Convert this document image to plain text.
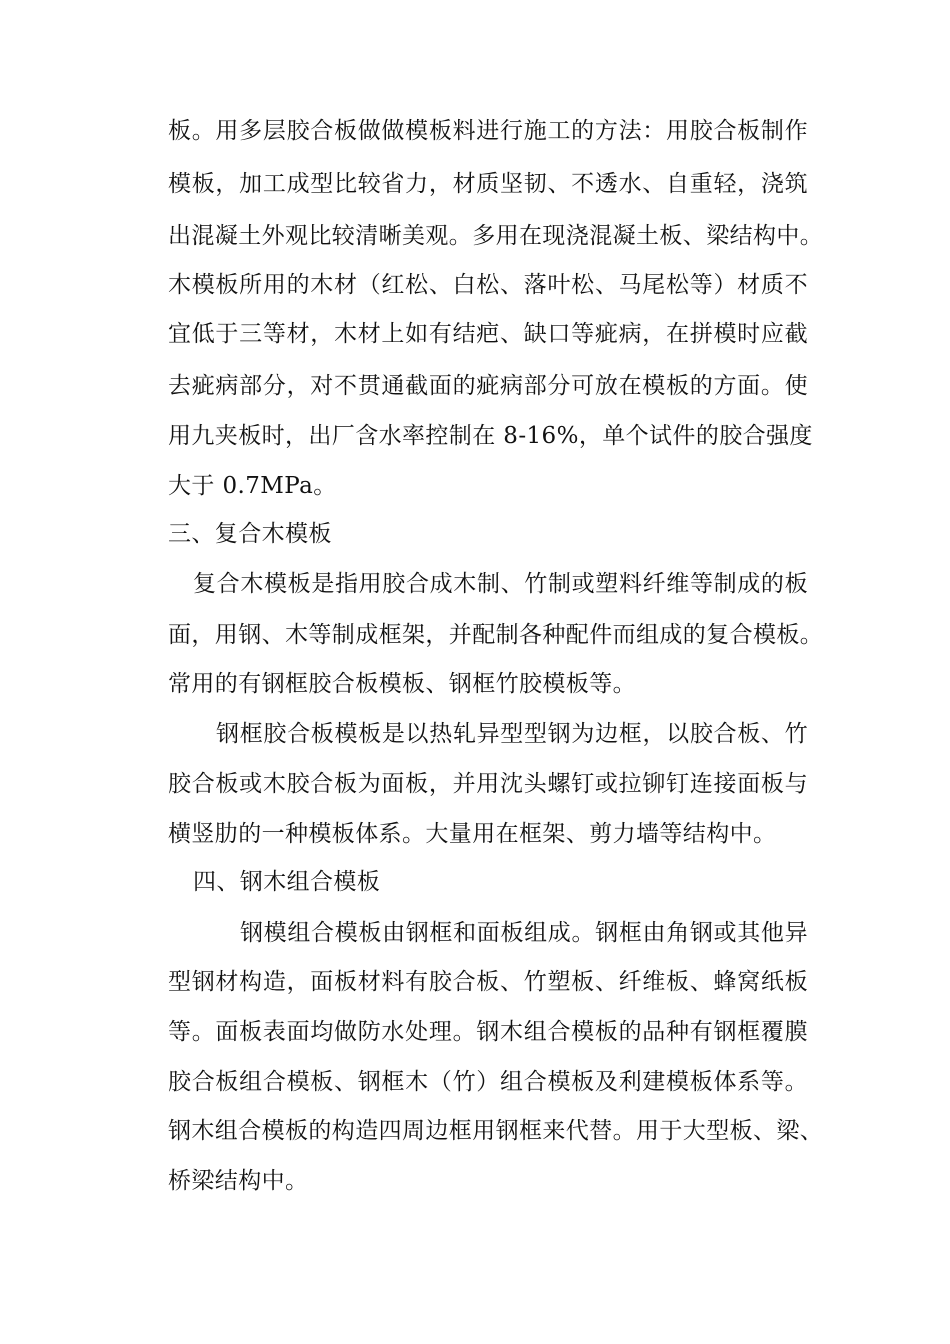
板。用多层胶合板做做模板料进行施工的方法：用胶合板制作
模板，加工成型比较省力，材质坚韧、不透水、自重轻，浇筑
出混凝土外观比较清晰美观。多用在现浇混凝土板、梁结构中。
木模板所用的木材（红松、白松、落叶松、马尾松等）材质不
宜低于三等材，木材上如有结疤、缺口等疵病，在拼模时应截
去疵病部分，对不贯通截面的疵病部分可放在模板的方面。使
用九夹板时，出厂含水率控制在 8-16%，单个试件的胶合强度
大于 0.7MPa。
三、复合木模板
复合木模板是指用胶合成木制、竹制或塑料纤维等制成的板
面，用钢、木等制成框架，并配制各种配件而组成的复合模板。
常用的有钢框胶合板模板、钢框竹胶模板等。
钢框胶合板模板是以热轧异型型钢为边框，以胶合板、竹
胶合板或木胶合板为面板，并用沈头螺钉或拉铆钉连接面板与
横竖肋的一种模板体系。大量用在框架、剪力墙等结构中。
四、钢木组合模板
钢模组合模板由钢框和面板组成。钢框由角钢或其他异
型钢材构造，面板材料有胶合板、竹塑板、纤维板、蜂窝纸板
等。面板表面均做防水处理。钢木组合模板的品种有钢框覆膜
胶合板组合模板、钢框木（竹）组合模板及利建模板体系等。
钢木组合模板的构造四周边框用钢框来代替。用于大型板、梁、
桥梁结构中。
